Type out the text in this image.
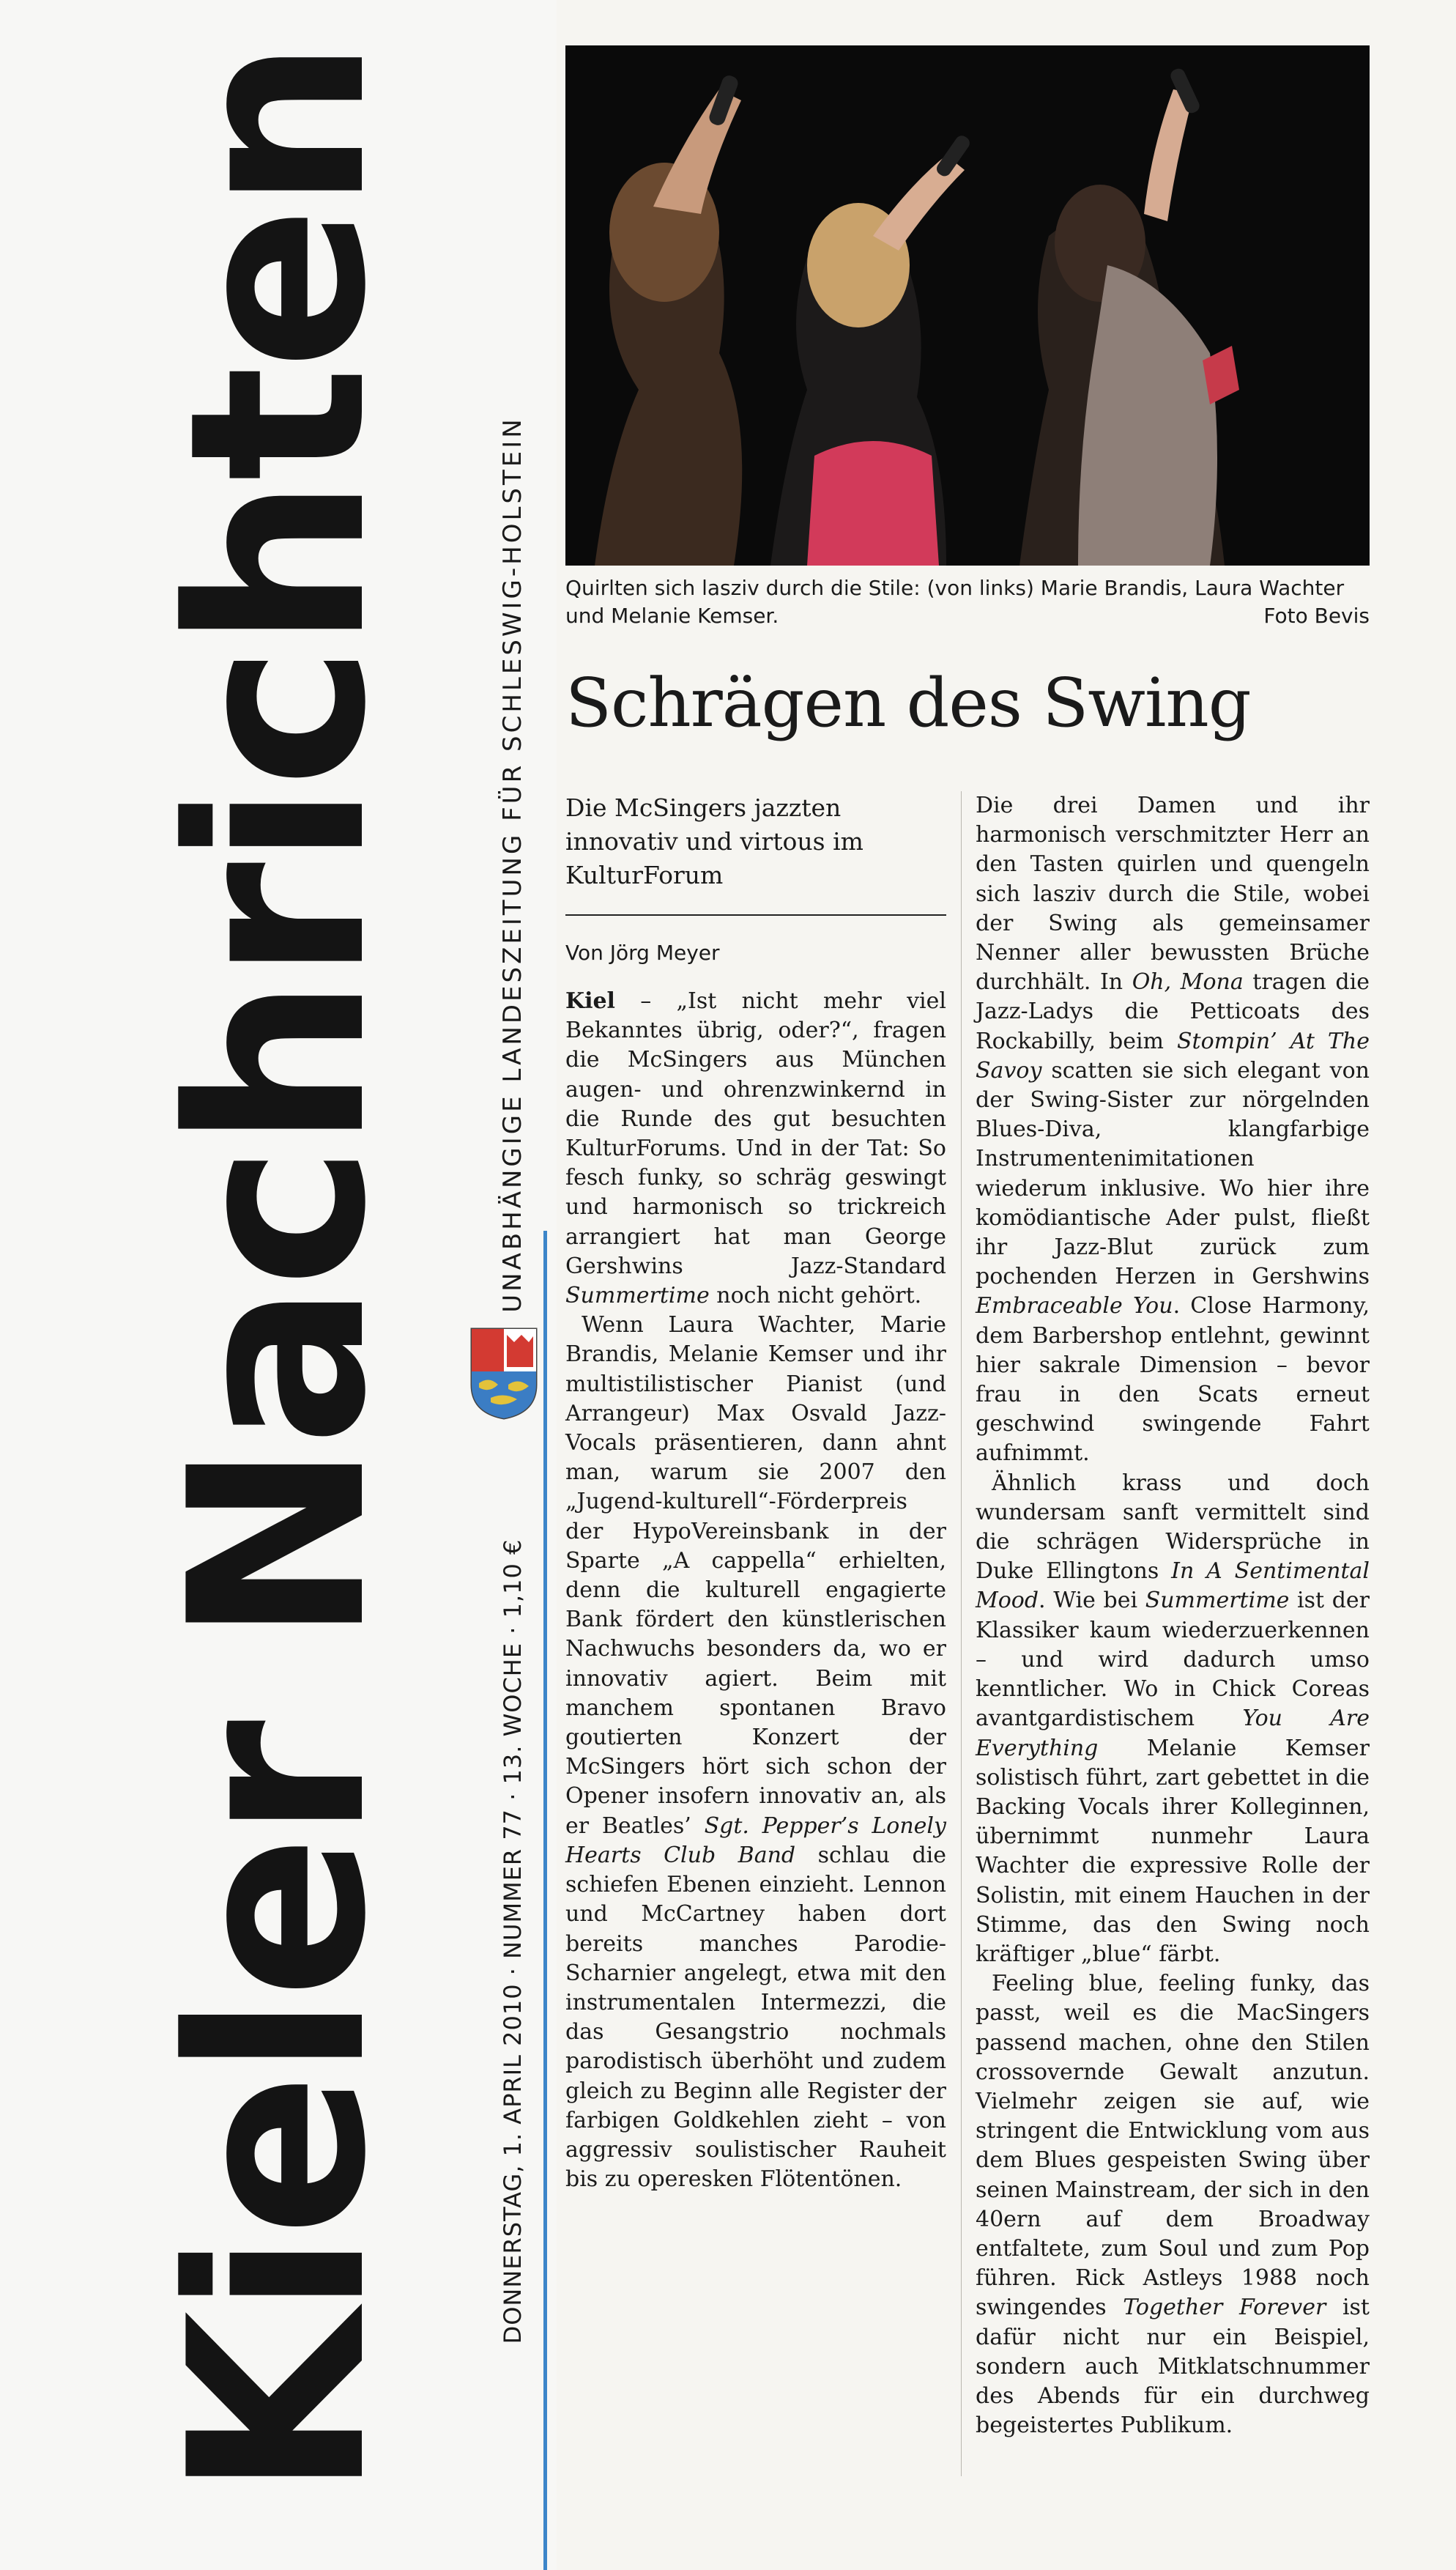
Kieler Nachrichten	UNABHÄNGIGE LANDESZEITUNG FÜR SCHLESWIG-HOLSTEIN
DONNERSTAG, 1. APRIL 2010 · NUMMER 77 · 13. WOCHE · 1,10 €
Quirlten sich lasziv durch die Stile: (von links) Marie Brandis, Laura Wachter und Melanie Kemser.	Foto Bevis
Schrägen des Swing

Die McSingers jazzten innovativ und virtous im KulturForum

Von Jörg Meyer

Kiel – „Ist nicht mehr viel Bekanntes übrig, oder?“, fragen die McSingers aus München augen- und ohrenzwinkernd in die Runde des gut besuchten KulturForums. Und in der Tat: So fesch funky, so schräg geswingt und harmonisch so trickreich arrangiert hat man George Gershwins Jazz-Standard Summertime noch nicht gehört.

Wenn Laura Wachter, Marie Brandis, Melanie Kemser und ihr multistilistischer Pianist (und Arrangeur) Max Osvald Jazz-Vocals präsentieren, dann ahnt man, warum sie 2007 den „Jugend-kulturell“-Förderpreis der HypoVereinsbank in der Sparte „A cappella“ erhielten, denn die kulturell engagierte Bank fördert den künstlerischen Nachwuchs besonders da, wo er innovativ agiert. Beim mit manchem spontanen Bravo goutierten Konzert der McSingers hört sich schon der Opener insofern innovativ an, als er Beatles’ Sgt. Pepper’s Lonely Hearts Club Band schlau die schiefen Ebenen einzieht. Lennon und McCartney haben dort bereits manches Parodie-Scharnier angelegt, etwa mit den instrumentalen Intermezzi, die das Gesangstrio nochmals parodistisch überhöht und zudem gleich zu Beginn alle Register der farbigen Goldkehlen zieht – von aggressiv soulistischer Rauheit bis zu operesken Flötentönen.

Die drei Damen und ihr harmonisch verschmitzter Herr an den Tasten quirlen und quengeln sich lasziv durch die Stile, wobei der Swing als gemeinsamer Nenner aller bewussten Brüche durchhält. In Oh, Mona tragen die Jazz-Ladys die Petticoats des Rockabilly, beim Stompin’ At The Savoy scatten sie sich elegant von der Swing-Sister zur nörgelnden Blues-Diva, klangfarbige Instrumentenimitationen wiederum inklusive. Wo hier ihre komödiantische Ader pulst, fließt ihr Jazz-Blut zurück zum pochenden Herzen in Gershwins Embraceable You. Close Harmony, dem Barbershop entlehnt, gewinnt hier sakrale Dimension – bevor frau in den Scats erneut geschwind swingende Fahrt aufnimmt.

Ähnlich krass und doch wundersam sanft vermittelt sind die schrägen Widersprüche in Duke Ellingtons In A Sentimental Mood. Wie bei Summertime ist der Klassiker kaum wiederzuerkennen – und wird dadurch umso kenntlicher. Wo in Chick Coreas avantgardistischem You Are Everything Melanie Kemser solistisch führt, zart gebettet in die Backing Vocals ihrer Kolleginnen, übernimmt nunmehr Laura Wachter die expressive Rolle der Solistin, mit einem Hauchen in der Stimme, das den Swing noch kräftiger „blue“ färbt.

Feeling blue, feeling funky, das passt, weil es die MacSingers passend machen, ohne den Stilen crossovernde Gewalt anzutun. Vielmehr zeigen sie auf, wie stringent die Entwicklung vom aus dem Blues gespeisten Swing über seinen Mainstream, der sich in den 40ern auf dem Broadway entfaltete, zum Soul und zum Pop führen. Rick Astleys 1988 noch swingendes Together Forever ist dafür nicht nur ein Beispiel, sondern auch Mitklatschnummer des Abends für ein durchweg begeistertes Publikum.
